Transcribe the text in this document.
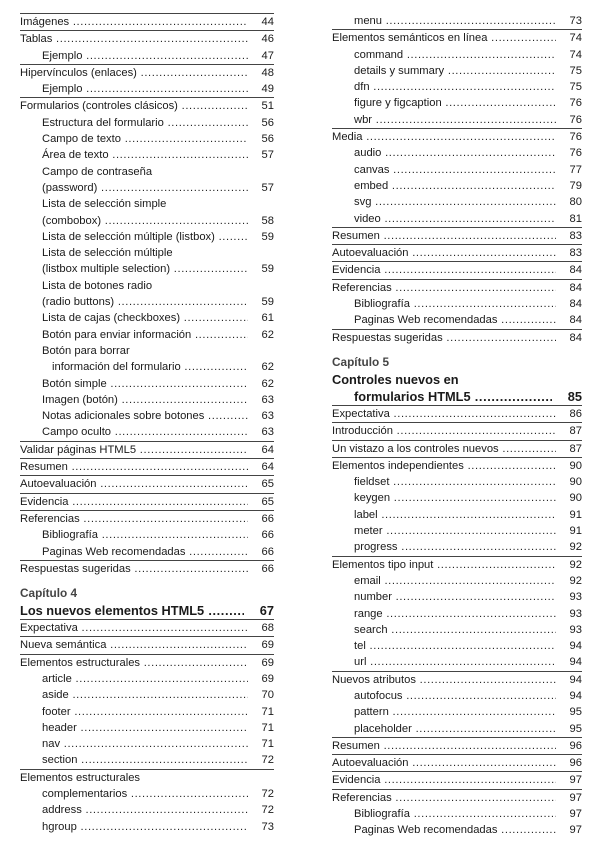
Imágenes .....	44
Tablas .....	46
Ejemplo .....	47
Hipervínculos (enlaces) .....	48
Ejemplo .....	49
Formularios (controles clásicos) .....	51
Estructura del formulario .....	56
Campo de texto .....	56
Área de texto .....	57
Campo de contraseña
(password) .....	57
Lista de selección simple
(combobox) .....	58
Lista de selección múltiple (listbox) .....	59
Lista de selección múltiple
(listbox multiple selection) .....	59
Lista de botones radio
(radio buttons) .....	59
Lista de cajas (checkboxes) .....	61
Botón para enviar información .....	62
Botón para borrar
información del formulario .....	62
Botón simple .....	62
Imagen (botón) .....	63
Notas adicionales sobre botones .....	63
Campo oculto .....	63
Validar páginas HTML5 .....	64
Resumen .....	64
Autoevaluación .....	65
Evidencia .....	65
Referencias .....	66
Bibliografía .....	66
Paginas Web recomendadas .....	66
Respuestas sugeridas .....	66
Capítulo 4
Los nuevos elementos HTML5 .....	67
Expectativa .....	68
Nueva semántica .....	69
Elementos estructurales .....	69
article .....	69
aside .....	70
footer .....	71
header .....	71
nav .....	71
section .....	72
Elementos estructurales
complementarios .....	72
address .....	72
hgroup .....	73
menu .....	73
Elementos semánticos en línea .....	74
command .....	74
details y summary .....	75
dfn .....	75
figure y figcaption .....	76
wbr .....	76
Media .....	76
audio .....	76
canvas .....	77
embed .....	79
svg .....	80
video .....	81
Resumen .....	83
Autoevaluación .....	83
Evidencia .....	84
Referencias .....	84
Bibliografía .....	84
Paginas Web recomendadas .....	84
Respuestas sugeridas .....	84
Capítulo 5
Controles nuevos en
formularios HTML5 .....	85
Expectativa .....	86
Introducción .....	87
Un vistazo a los controles nuevos .....	87
Elementos independientes .....	90
fieldset .....	90
keygen .....	90
label .....	91
meter .....	91
progress .....	92
Elementos tipo input .....	92
email .....	92
number .....	93
range .....	93
search .....	93
tel .....	94
url .....	94
Nuevos atributos .....	94
autofocus .....	94
pattern .....	95
placeholder .....	95
Resumen .....	96
Autoevaluación .....	96
Evidencia .....	97
Referencias .....	97
Bibliografía .....	97
Paginas Web recomendadas .....	97
